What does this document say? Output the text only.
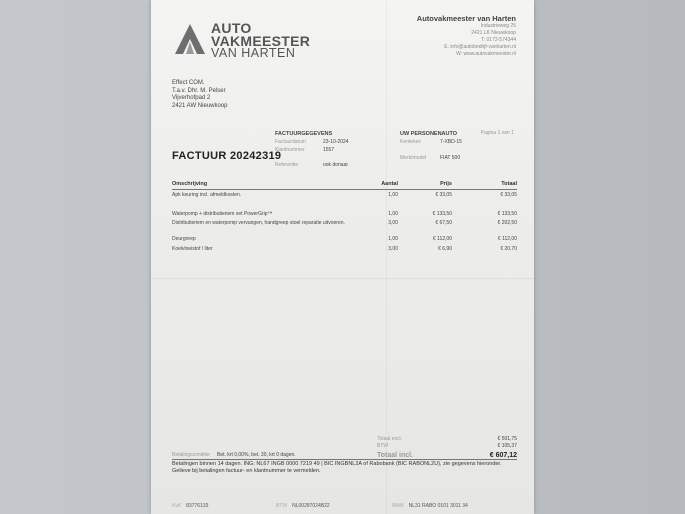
AUTO
VAKMEESTER
VAN HARTEN
Autovakmeester van Harten
Industrieweg 25
2421 LK Nieuwkoop
T: 0172-574344
E: info@autobedrijf-vanharten.nl
W: www.autovakmeester.nl
Effect COM.
T.a.v. Dhr. M. Pelser
Vijverhofpad 2
2421 AW Nieuwkoop
FACTUURGEGEVENS
Factuurdatum	23-10-2024
Klantnummer	1557
Referentie	ook donaar
UW PERSONENAUTO
Kenteken	7-XBD-15
Merk/model	FIAT 500
Pagina 1 van 1
FACTUUR 20242319
Omschrijving	Aantal	Prijs	Totaal
Apk keuring incl. afmeldkosten.	1,00	€ 33,05	€ 33,05
Waterpomp + distributieriem set PowerGrip™	1,00	€ 133,50	€ 133,50
Distributieriem en waterpomp vervangen, handgreep stoel reparatie uitvoeren.	3,00	€ 67,50	€ 202,50
Deurgreep	1,00	€ 112,00	€ 112,00
Koelvloeistof / liter	3,00	€ 6,90	€ 20,70
Totaal excl.	€ 501,75
BTW	€ 105,37
Totaal incl.	€ 607,12
Betalingsconditie Bet. krt 0,00%, bet. 30, krt 0 dagen.
Betalingen binnen 14 dagen. ING: NL67 INGB 0000 7219 49 | BIC INGBNL2A of Rabobank (BIC RABONL2U), zie gegevens hieronder. Gelieve bij betalingen factuur- en klantnummer te vermelden.
KvK 83776133	BTW NL00287024B22	IBAN NL31 RABO 0101 3011 34
